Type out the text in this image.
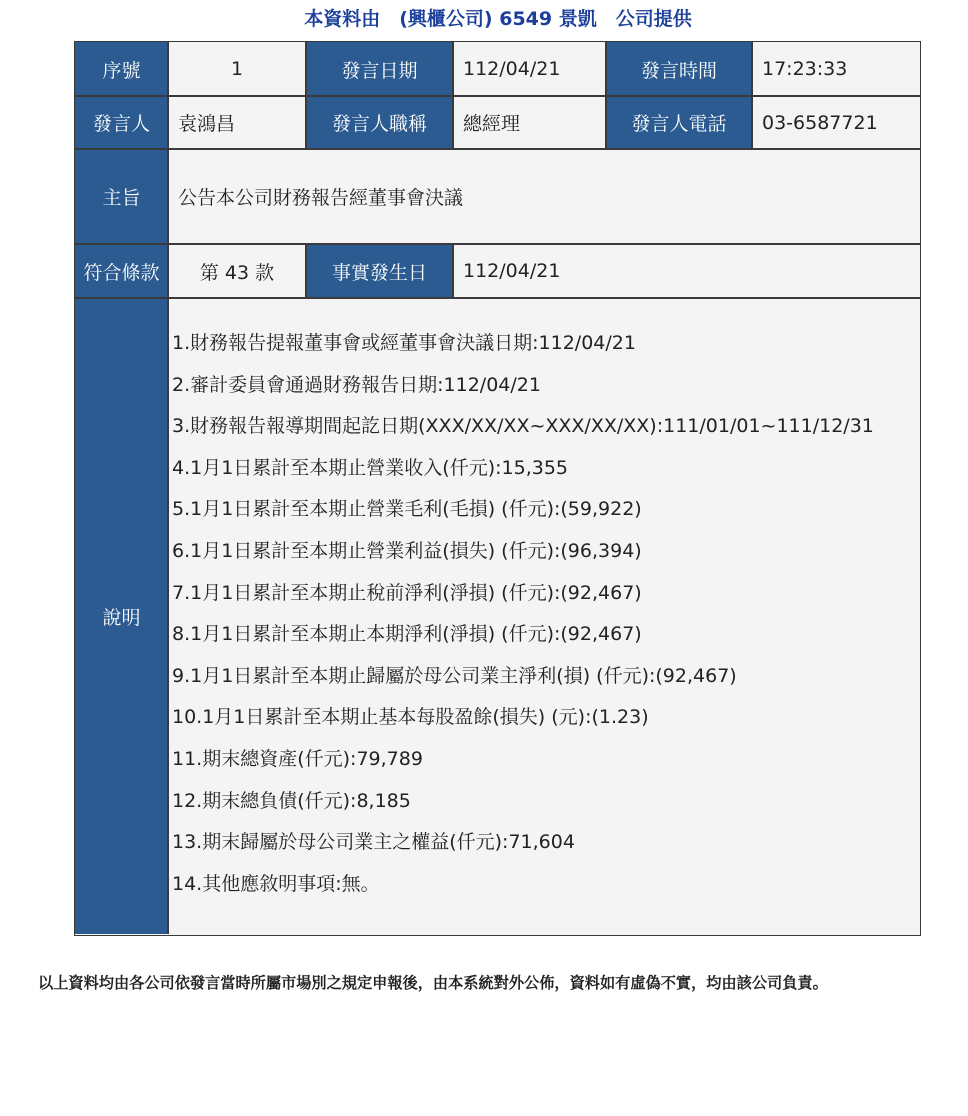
本資料由　(興櫃公司) 6549 景凱　公司提供
序號	1	發言日期	112/04/21	發言時間	17:23:33
發言人	袁鴻昌	發言人職稱	總經理	發言人電話	03-6587721
主旨	公告本公司財務報告經董事會決議
符合條款	第 43 款	事實發生日	112/04/21
說明
1.財務報告提報董事會或經董事會決議日期:112/04/21
2.審計委員會通過財務報告日期:112/04/21
3.財務報告報導期間起訖日期(XXX/XX/XX~XXX/XX/XX):111/01/01~111/12/31
4.1月1日累計至本期止營業收入(仟元):15,355
5.1月1日累計至本期止營業毛利(毛損) (仟元):(59,922)
6.1月1日累計至本期止營業利益(損失) (仟元):(96,394)
7.1月1日累計至本期止稅前淨利(淨損) (仟元):(92,467)
8.1月1日累計至本期止本期淨利(淨損) (仟元):(92,467)
9.1月1日累計至本期止歸屬於母公司業主淨利(損) (仟元):(92,467)
10.1月1日累計至本期止基本每股盈餘(損失) (元):(1.23)
11.期末總資產(仟元):79,789
12.期末總負債(仟元):8,185
13.期末歸屬於母公司業主之權益(仟元):71,604
14.其他應敘明事項:無。
以上資料均由各公司依發言當時所屬市場別之規定申報後，由本系統對外公佈，資料如有虛偽不實，均由該公司負責。
